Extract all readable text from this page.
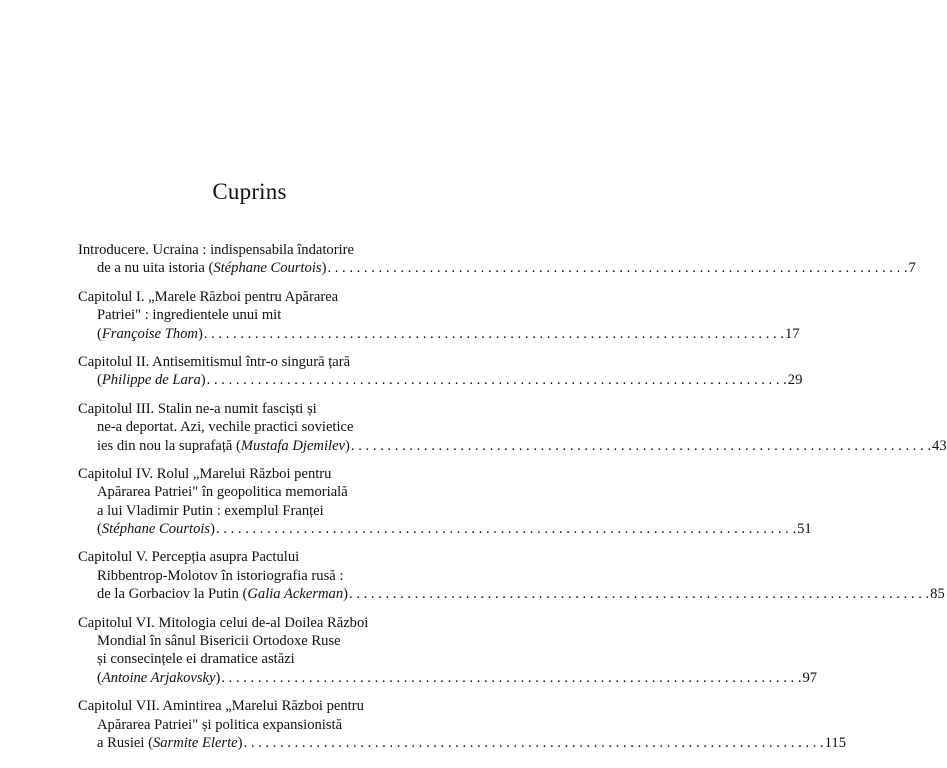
Cuprins
Introducere. Ucraina : indispensabila îndatorire
de a nu uita istoria (Stéphane Courtois) . . . . . . . . . . . . . . . . . . . . . . . . . . . . . . . . . . . . . . . . . . . . . . . . . . . . . . . . . . . . . . . . . . . . . . . . . . . . . . . . 7
Capitolul I. „Marele Război pentru Apărarea
Patriei" : ingredientele unui mit
(Françoise Thom) . . . . . . . . . . . . . . . . . . . . . . . . . . . . . . . . . . . . . . . . . . . . . . . . . . . . . . . . . . . . . . . . . . . . . . . . . . . . . . . . 17
Capitolul II. Antisemitismul într-o singură țară
(Philippe de Lara) . . . . . . . . . . . . . . . . . . . . . . . . . . . . . . . . . . . . . . . . . . . . . . . . . . . . . . . . . . . . . . . . . . . . . . . . . . . . . . . . 29
Capitolul III. Stalin ne-a numit fasciști și
ne-a deportat. Azi, vechile practici sovietice
ies din nou la suprafață (Mustafa Djemilev) . . . . . . . . . . . . . . . . . . . . . . . . . . . . . . . . . . . . . . . . . . . . . . . . . . . . . . . . . . . . . . . . . . . . . . . . . . . . . . . . 43
Capitolul IV. Rolul „Marelui Război pentru
Apărarea Patriei" în geopolitica memorială
a lui Vladimir Putin : exemplul Franței
(Stéphane Courtois) . . . . . . . . . . . . . . . . . . . . . . . . . . . . . . . . . . . . . . . . . . . . . . . . . . . . . . . . . . . . . . . . . . . . . . . . . . . . . . . . 51
Capitolul V. Percepția asupra Pactului
Ribbentrop-Molotov în istoriografia rusă :
de la Gorbaciov la Putin (Galia Ackerman) . . . . . . . . . . . . . . . . . . . . . . . . . . . . . . . . . . . . . . . . . . . . . . . . . . . . . . . . . . . . . . . . . . . . . . . . . . . . . . . . 85
Capitolul VI. Mitologia celui de-al Doilea Război
Mondial în sânul Bisericii Ortodoxe Ruse
și consecințele ei dramatice astăzi
(Antoine Arjakovsky) . . . . . . . . . . . . . . . . . . . . . . . . . . . . . . . . . . . . . . . . . . . . . . . . . . . . . . . . . . . . . . . . . . . . . . . . . . . . . . . . 97
Capitolul VII. Amintirea „Marelui Război pentru
Apărarea Patriei" și politica expansionistă
a Rusiei (Sarmite Elerte) . . . . . . . . . . . . . . . . . . . . . . . . . . . . . . . . . . . . . . . . . . . . . . . . . . . . . . . . . . . . . . . . . . . . . . . . . . . . . . . . 115
